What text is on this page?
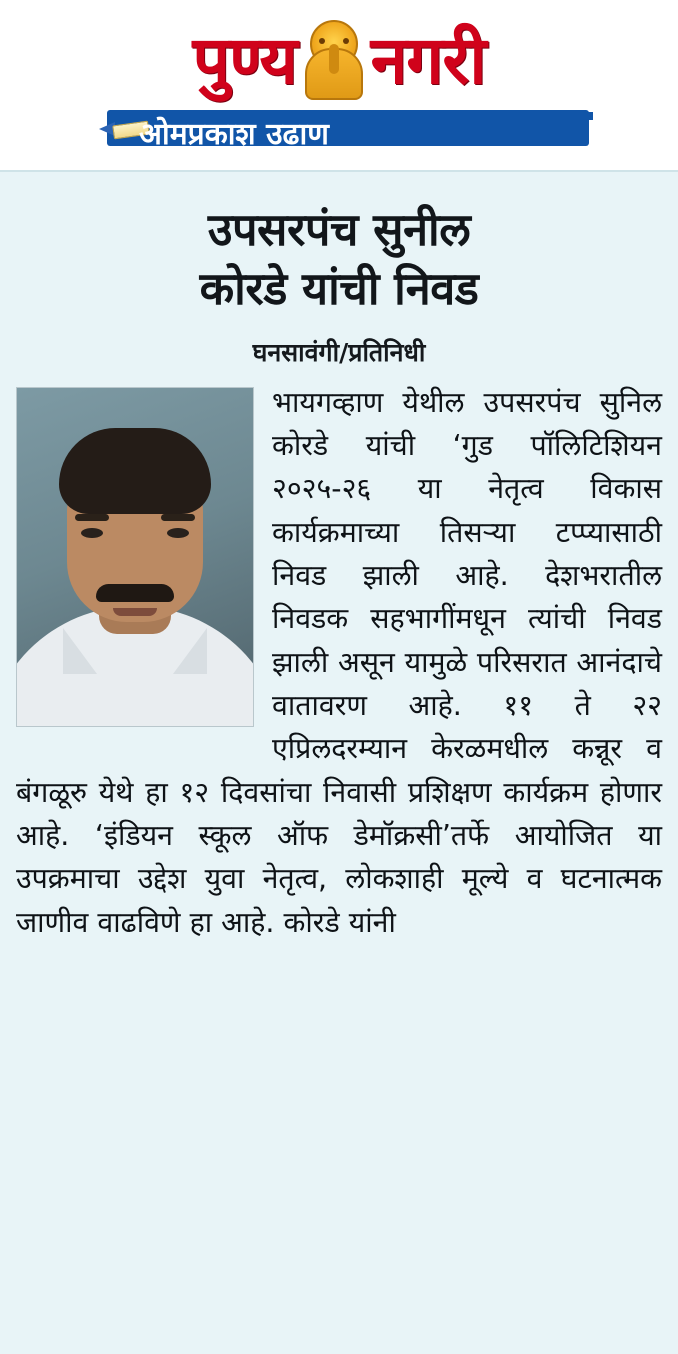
पुण्य नगरी
ओमप्रकाश उढाण
उपसरपंच सुनील
कोरडे यांची निवड
घनसावंगी/प्रतिनिधी

भायगव्हाण येथील उपसरपंच सुनिल कोरडे यांची ‘गुड पॉलिटिशियन २०२५-२६ या नेतृत्व विकास कार्यक्रमाच्या तिसऱ्या टप्प्यासाठी निवड झाली आहे. देशभरातील निवडक सहभागींमधून त्यांची निवड झाली असून यामुळे परिसरात आनंदाचे वातावरण आहे. ११ ते २२ एप्रिलदरम्यान केरळमधील कन्नूर व बंगळूरु येथे हा १२ दिवसांचा निवासी प्रशिक्षण कार्यक्रम होणार आहे. ‘इंडियन स्कूल ऑफ डेमॉक्रसी’तर्फे आयोजित या उपक्रमाचा उद्देश युवा नेतृत्व, लोकशाही मूल्ये व घटनात्मक जाणीव वाढविणे हा आहे. कोरडे यांनी
